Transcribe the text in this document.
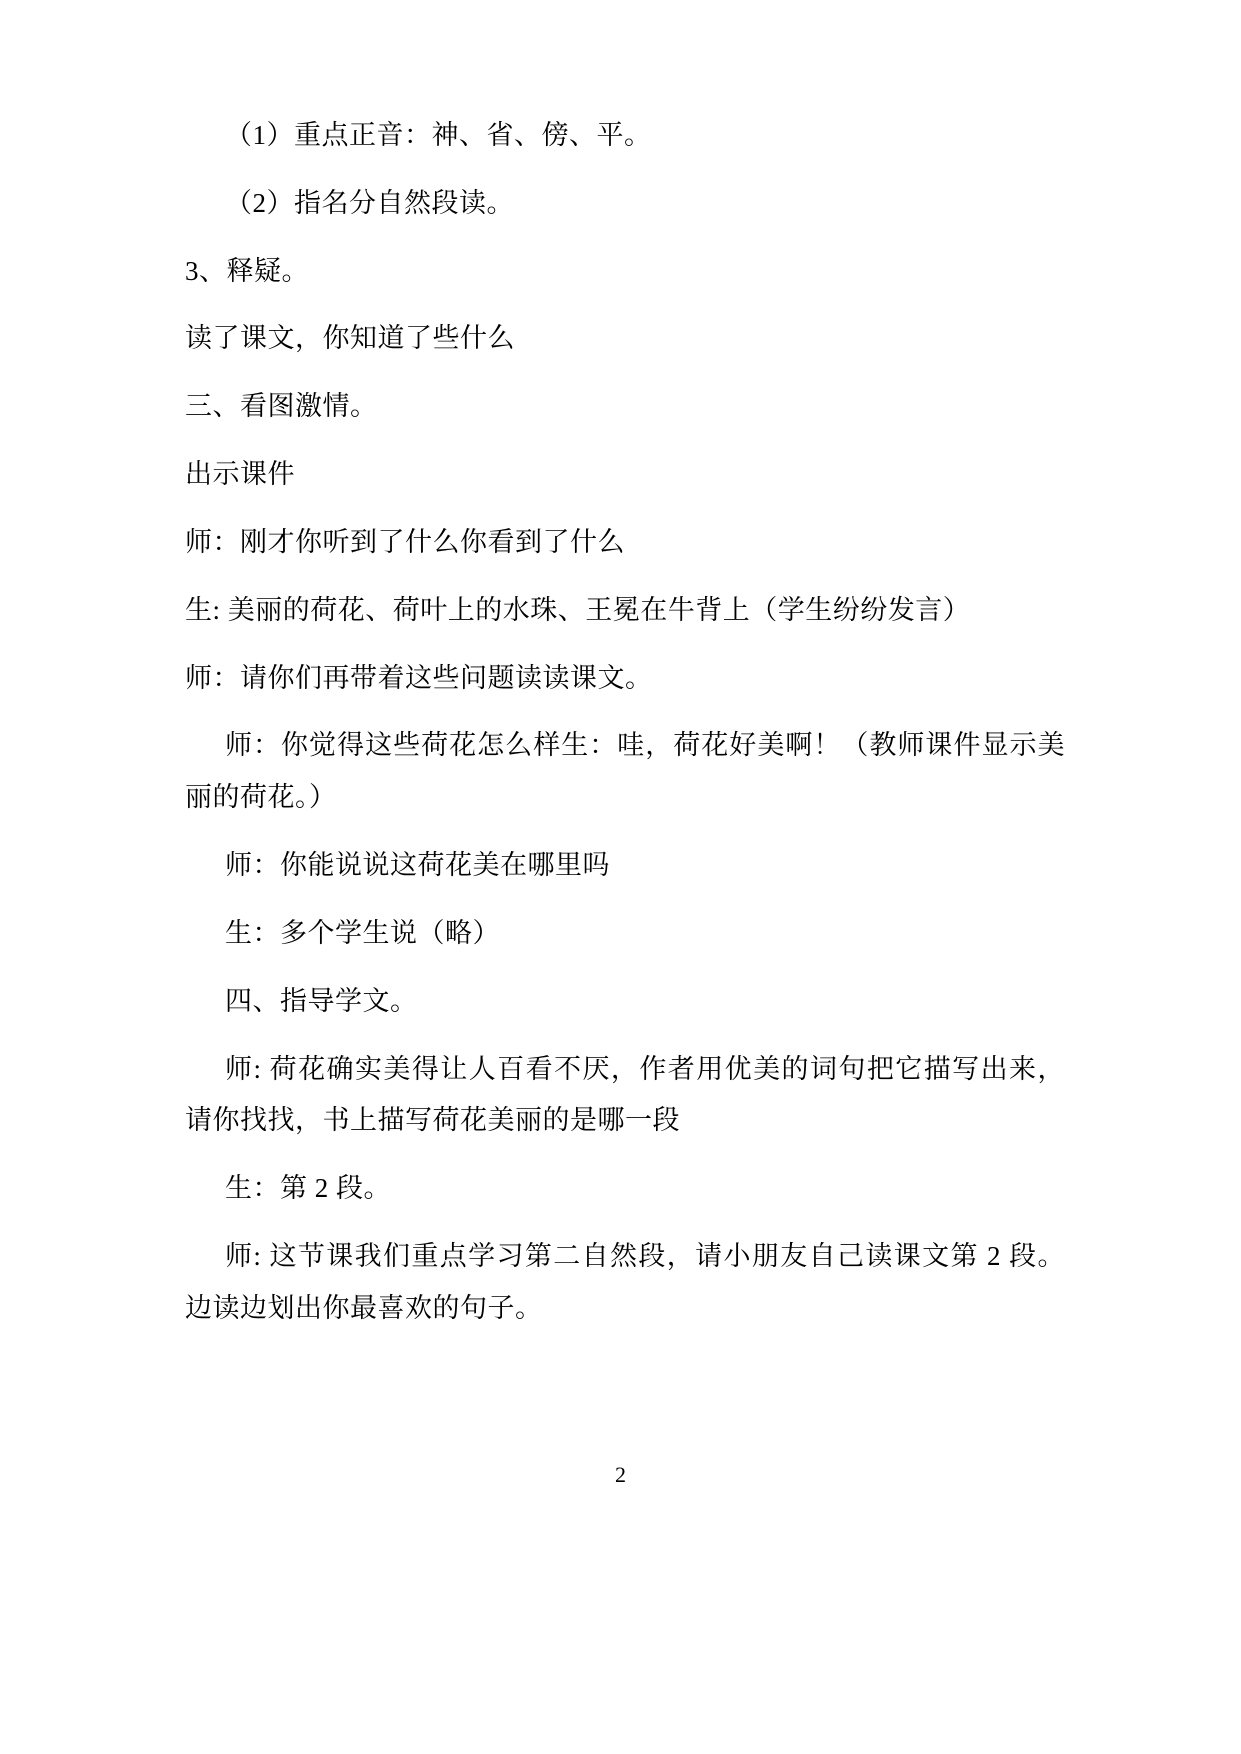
（1）重点正音：神、省、傍、平。

（2）指名分自然段读。

3、释疑。

读了课文，你知道了些什么

三、看图激情。

出示课件

师：刚才你听到了什么你看到了什么

生: 美丽的荷花、荷叶上的水珠、王冕在牛背上（学生纷纷发言）

师：请你们再带着这些问题读读课文。

师：你觉得这些荷花怎么样生：哇，荷花好美啊！（教师课件显示美丽的荷花。）

师：你能说说这荷花美在哪里吗

生：多个学生说（略）

四、指导学文。

师: 荷花确实美得让人百看不厌，作者用优美的词句把它描写出来，请你找找，书上描写荷花美丽的是哪一段

生：第 2 段。

师: 这节课我们重点学习第二自然段，请小朋友自己读课文第 2 段。边读边划出你最喜欢的句子。

2
